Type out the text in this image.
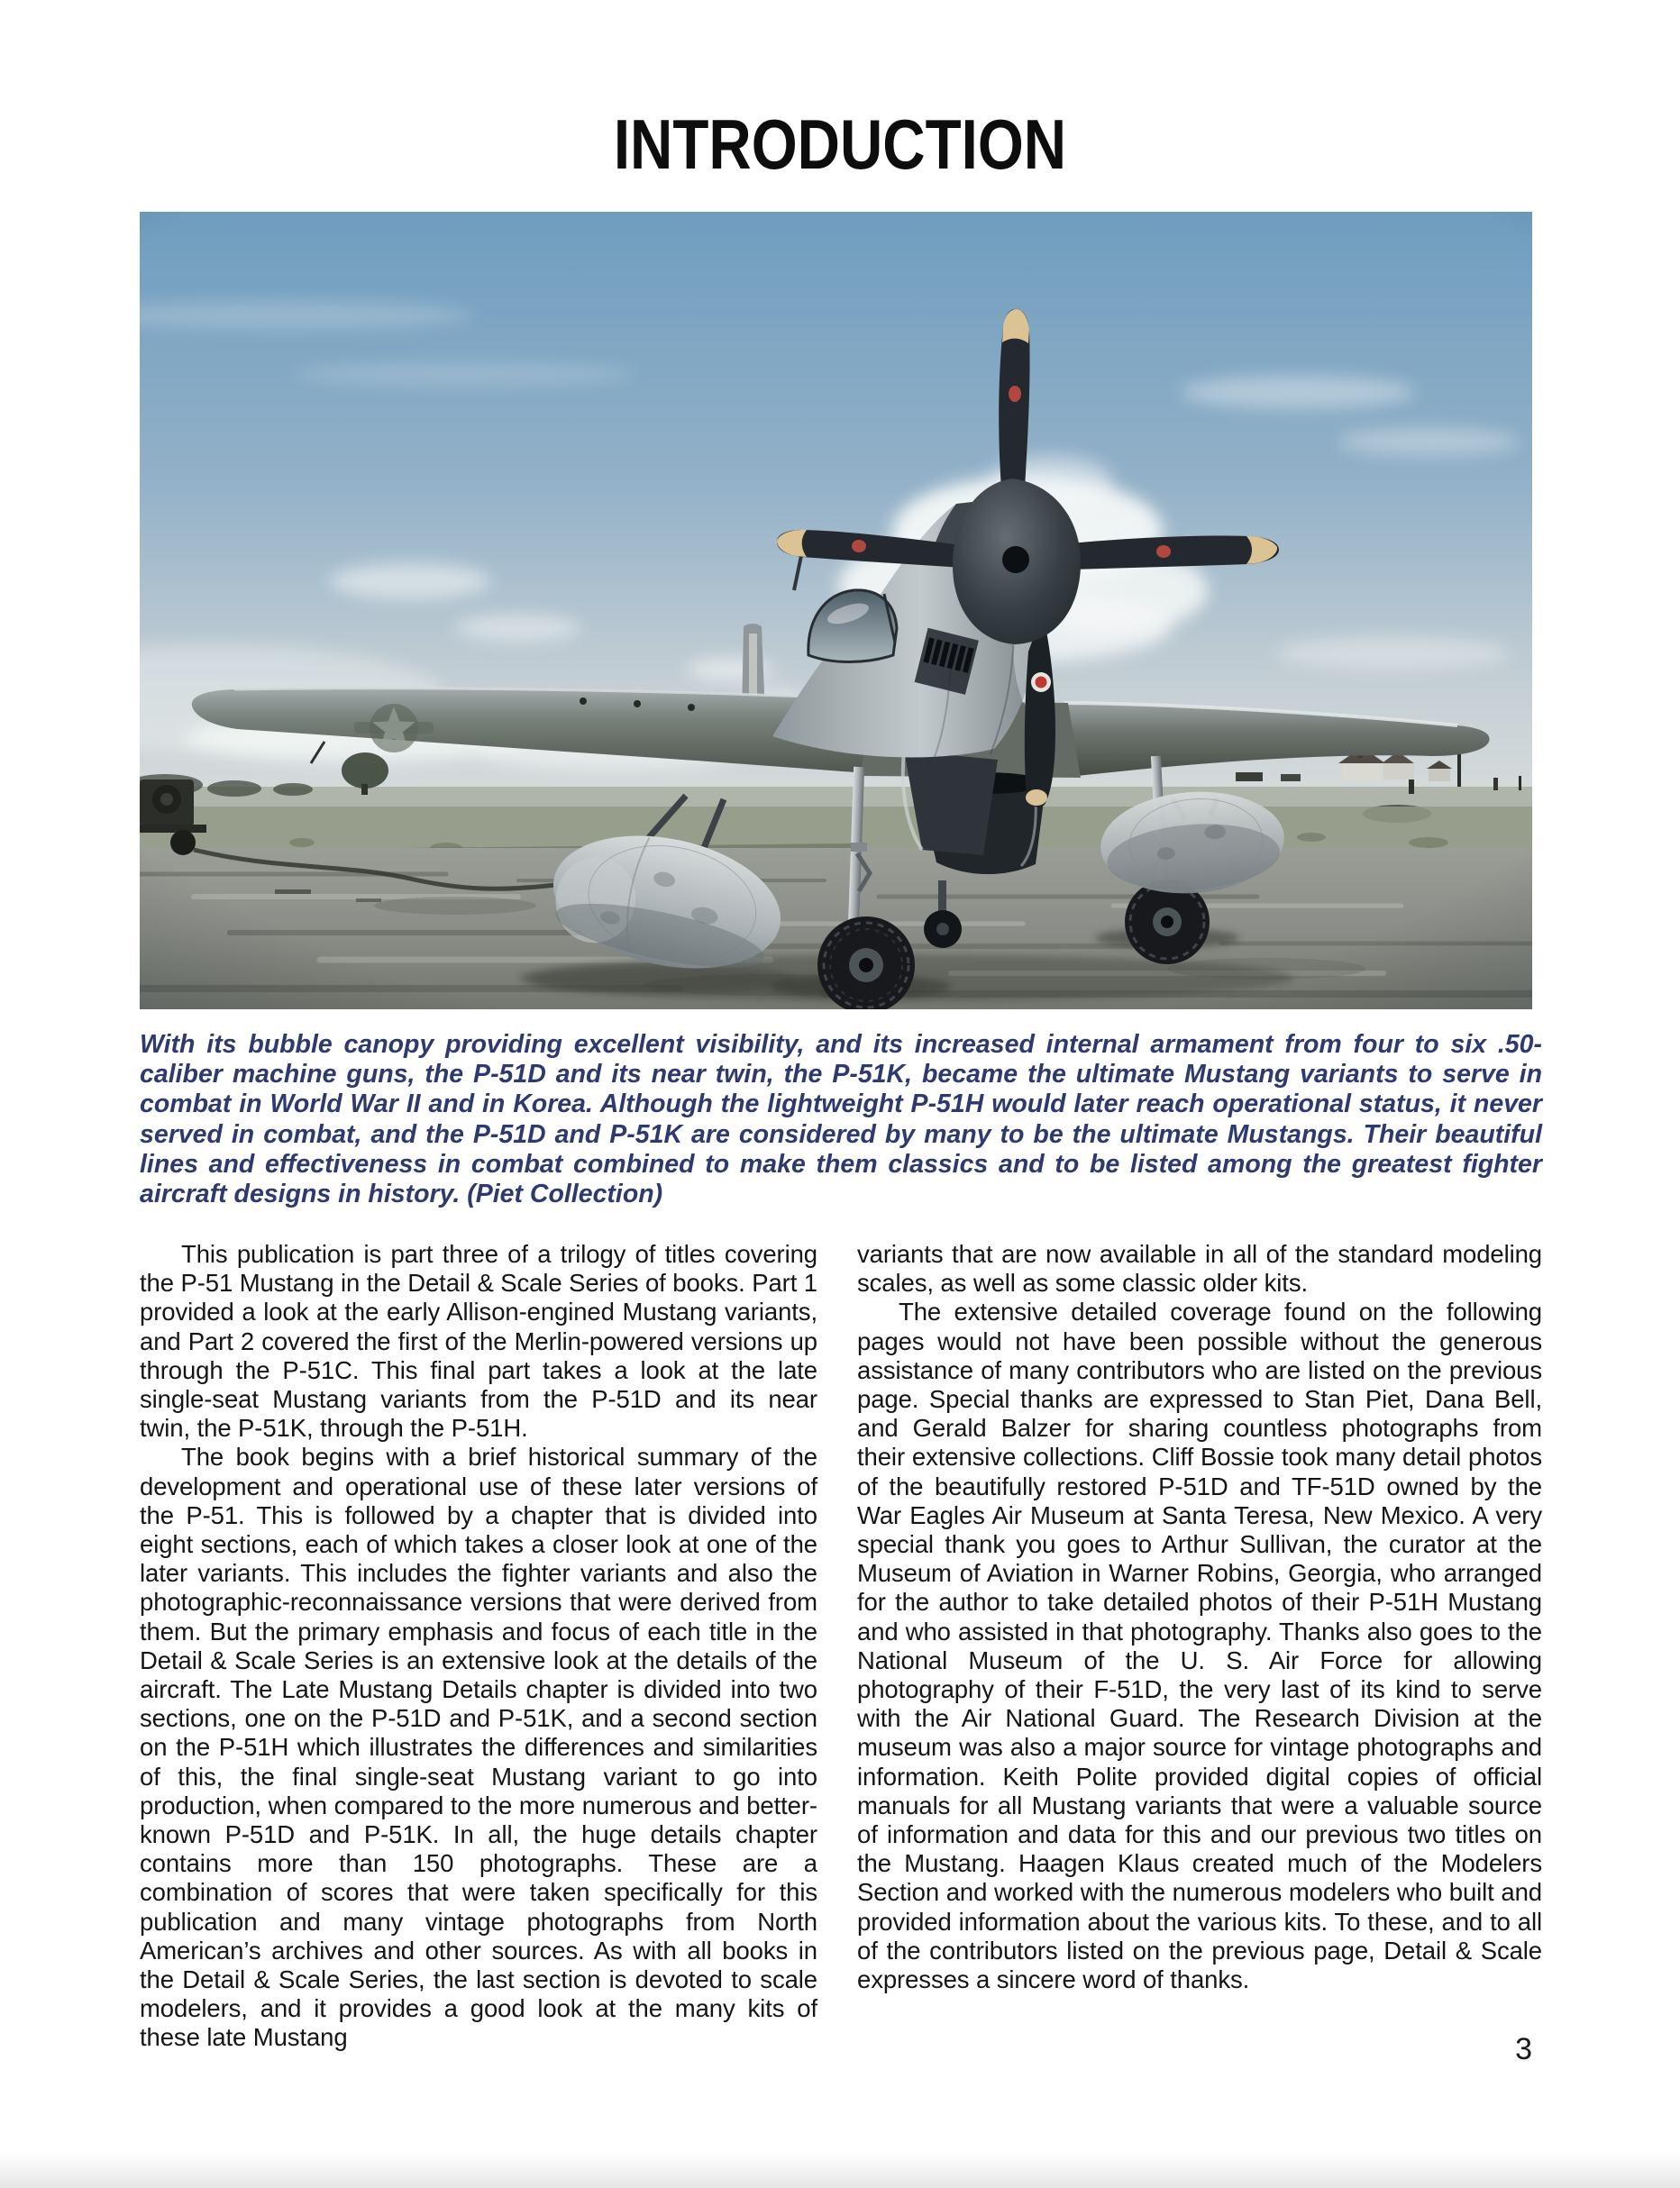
INTRODUCTION

With its bubble canopy providing excellent visibility, and its increased internal armament from four to six .50-caliber machine guns, the P-51D and its near twin, the P-51K, became the ultimate Mustang variants to serve in combat in World War II and in Korea. Although the lightweight P-51H would later reach operational status, it never served in combat, and the P-51D and P-51K are considered by many to be the ultimate Mustangs. Their beautiful lines and effectiveness in combat combined to make them classics and to be listed among the greatest fighter aircraft designs in history. (Piet Collection)

This publication is part three of a trilogy of titles covering the P-51 Mustang in the Detail & Scale Series of books. Part 1 provided a look at the early Allison-engined Mustang variants, and Part 2 covered the first of the Merlin-powered versions up through the P-51C. This final part takes a look at the late single-seat Mustang variants from the P-51D and its near twin, the P-51K, through the P-51H.

The book begins with a brief historical summary of the development and operational use of these later versions of the P-51. This is followed by a chapter that is divided into eight sections, each of which takes a closer look at one of the later variants. This includes the fighter variants and also the photographic-reconnaissance versions that were derived from them. But the primary emphasis and focus of each title in the Detail & Scale Series is an extensive look at the details of the aircraft. The Late Mustang Details chapter is divided into two sections, one on the P-51D and P-51K, and a second section on the P-51H which illustrates the differences and similarities of this, the final single-seat Mustang variant to go into production, when compared to the more numerous and better-known P-51D and P-51K. In all, the huge details chapter contains more than 150 photographs. These are a combination of scores that were taken specifically for this publication and many vintage photographs from North American’s archives and other sources. As with all books in the Detail & Scale Series, the last section is devoted to scale modelers, and it provides a good look at the many kits of these late Mustang

variants that are now available in all of the standard modeling scales, as well as some classic older kits.

The extensive detailed coverage found on the following pages would not have been possible without the generous assistance of many contributors who are listed on the previous page. Special thanks are expressed to Stan Piet, Dana Bell, and Gerald Balzer for sharing countless photographs from their extensive collections. Cliff Bossie took many detail photos of the beautifully restored P-51D and TF-51D owned by the War Eagles Air Museum at Santa Teresa, New Mexico. A very special thank you goes to Arthur Sullivan, the curator at the Museum of Aviation in Warner Robins, Georgia, who arranged for the author to take detailed photos of their P-51H Mustang and who assisted in that photography. Thanks also goes to the National Museum of the U. S. Air Force for allowing photography of their F-51D, the very last of its kind to serve with the Air National Guard. The Research Division at the museum was also a major source for vintage photographs and information. Keith Polite provided digital copies of official manuals for all Mustang variants that were a valuable source of information and data for this and our previous two titles on the Mustang. Haagen Klaus created much of the Modelers Section and worked with the numerous modelers who built and provided information about the various kits. To these, and to all of the contributors listed on the previous page, Detail & Scale expresses a sincere word of thanks.

3
